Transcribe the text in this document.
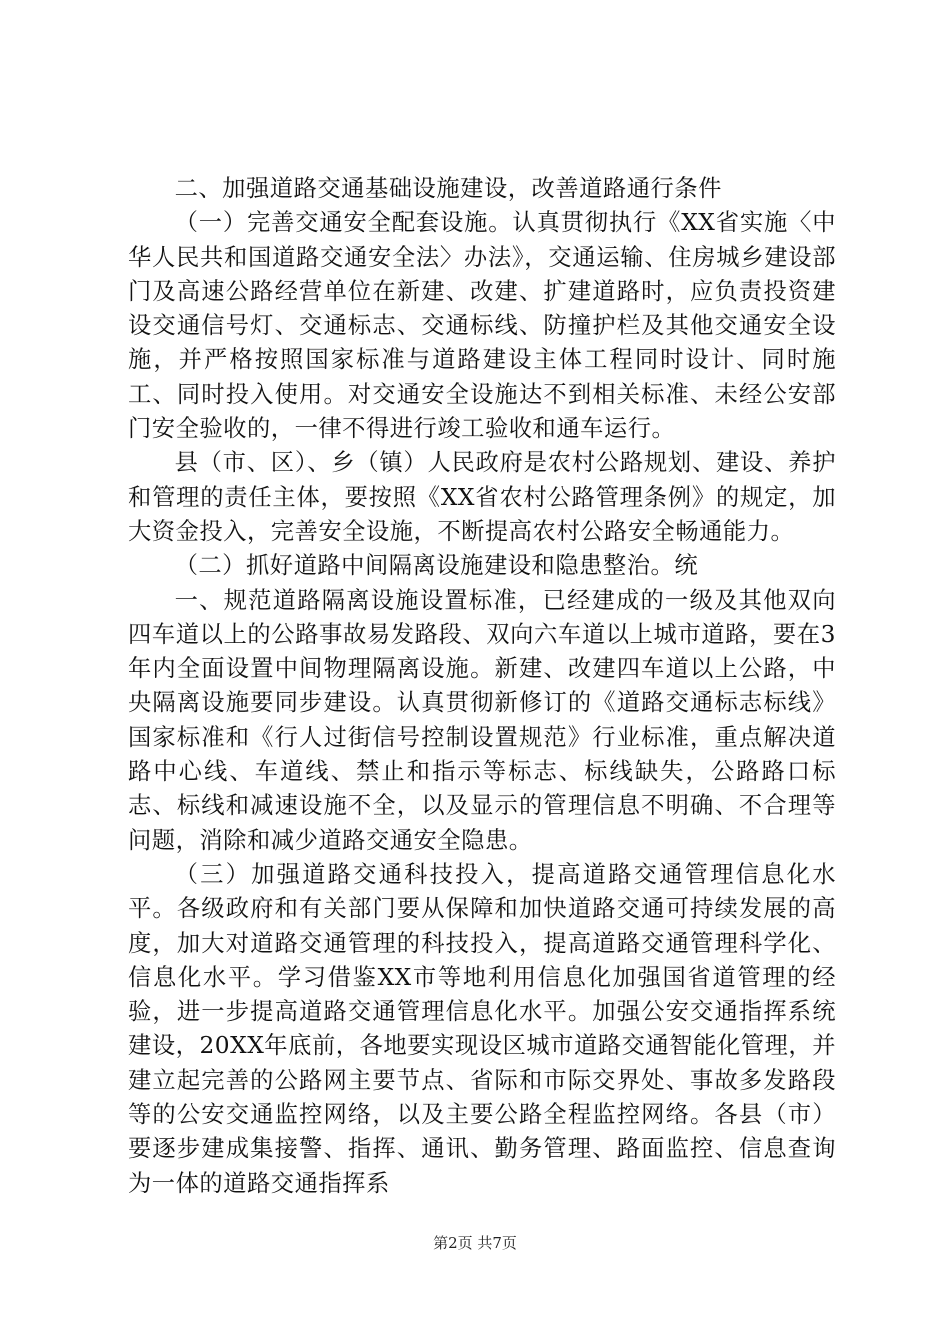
二、加强道路交通基础设施建设，改善道路通行条件

（一）完善交通安全配套设施。认真贯彻执行《XX省实施〈中华人民共和国道路交通安全法〉办法》，交通运输、住房城乡建设部门及高速公路经营单位在新建、改建、扩建道路时，应负责投资建设交通信号灯、交通标志、交通标线、防撞护栏及其他交通安全设施，并严格按照国家标准与道路建设主体工程同时设计、同时施工、同时投入使用。对交通安全设施达不到相关标准、未经公安部门安全验收的，一律不得进行竣工验收和通车运行。

县（市、区）、乡（镇）人民政府是农村公路规划、建设、养护和管理的责任主体，要按照《XX省农村公路管理条例》的规定，加大资金投入，完善安全设施，不断提高农村公路安全畅通能力。

（二）抓好道路中间隔离设施建设和隐患整治。统

一、规范道路隔离设施设置标准，已经建成的一级及其他双向四车道以上的公路事故易发路段、双向六车道以上城市道路，要在3年内全面设置中间物理隔离设施。新建、改建四车道以上公路，中央隔离设施要同步建设。认真贯彻新修订的《道路交通标志标线》国家标准和《行人过街信号控制设置规范》行业标准，重点解决道路中心线、车道线、禁止和指示等标志、标线缺失，公路路口标志、标线和减速设施不全，以及显示的管理信息不明确、不合理等问题，消除和减少道路交通安全隐患。

（三）加强道路交通科技投入，提高道路交通管理信息化水平。各级政府和有关部门要从保障和加快道路交通可持续发展的高度，加大对道路交通管理的科技投入，提高道路交通管理科学化、信息化水平。学习借鉴XX市等地利用信息化加强国省道管理的经验，进一步提高道路交通管理信息化水平。加强公安交通指挥系统建设，20XX年底前，各地要实现设区城市道路交通智能化管理，并建立起完善的公路网主要节点、省际和市际交界处、事故多发路段等的公安交通监控网络，以及主要公路全程监控网络。各县（市）要逐步建成集接警、指挥、通讯、勤务管理、路面监控、信息查询为一体的道路交通指挥系

第2页 共7页
